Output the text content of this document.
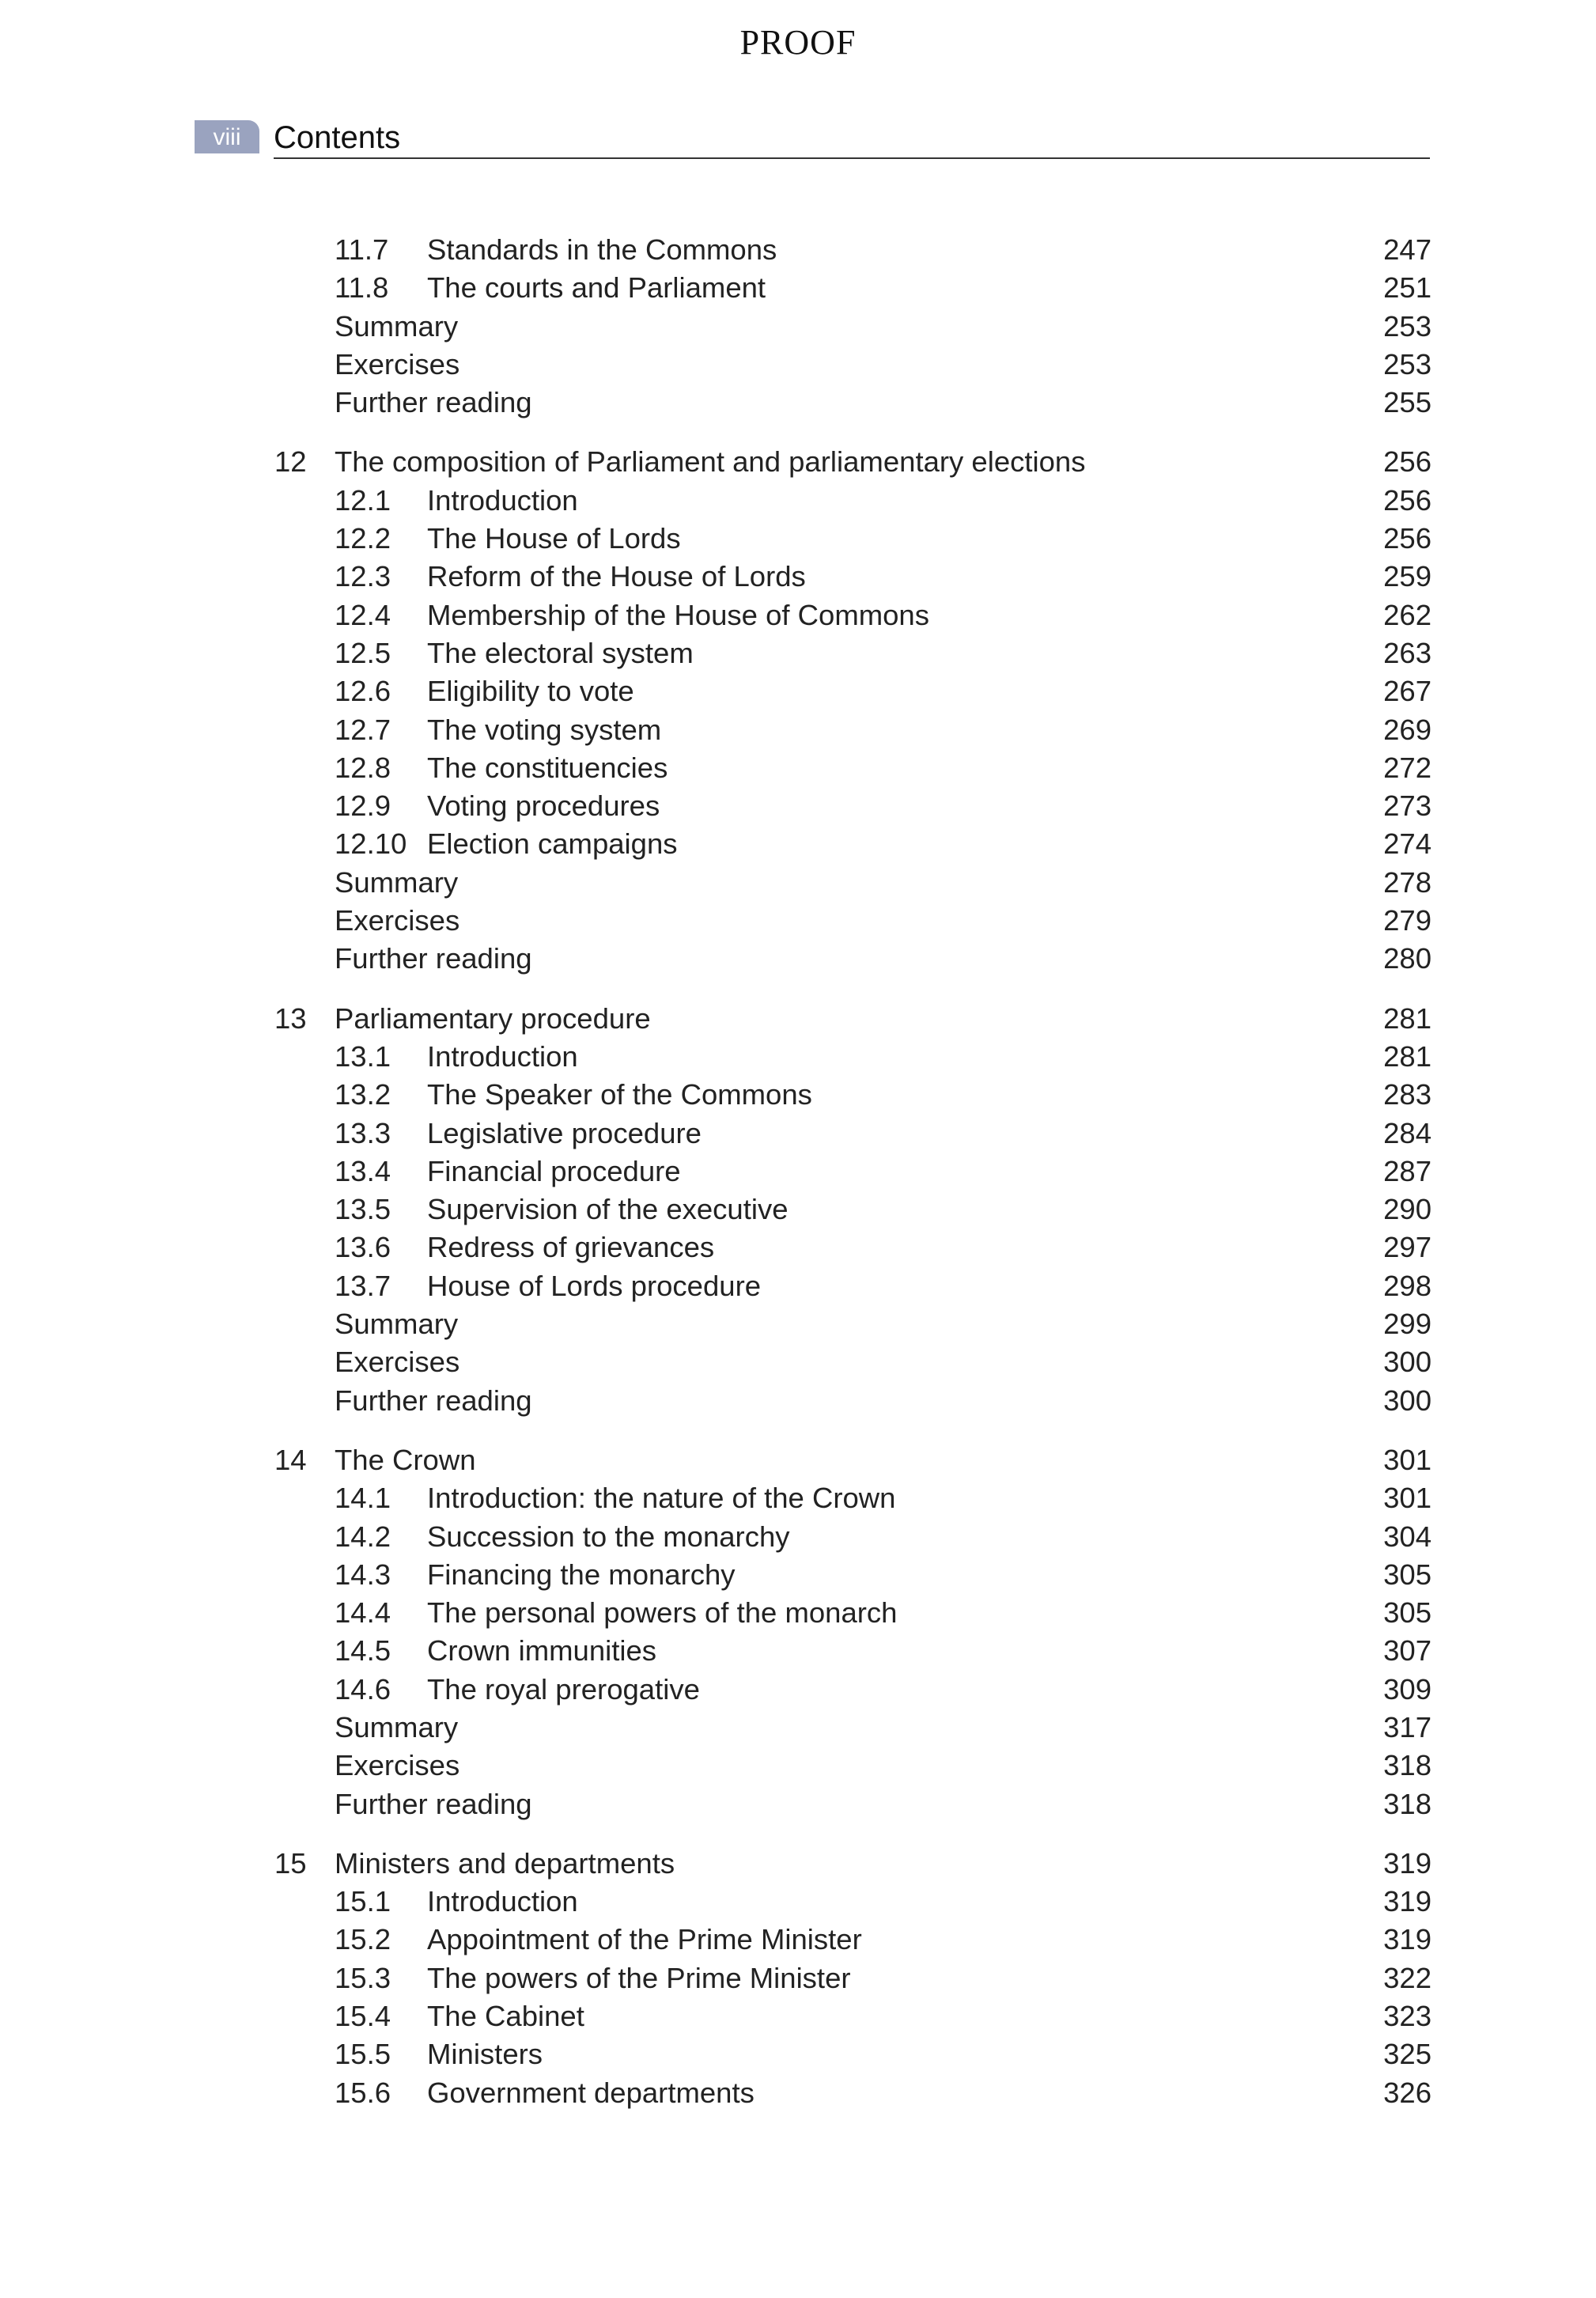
PROOF
viii	Contents
11.7 Standards in the Commons	247
11.8 The courts and Parliament	251
Summary	253
Exercises	253
Further reading	255
12 The composition of Parliament and parliamentary elections	256
12.1 Introduction	256
12.2 The House of Lords	256
12.3 Reform of the House of Lords	259
12.4 Membership of the House of Commons	262
12.5 The electoral system	263
12.6 Eligibility to vote	267
12.7 The voting system	269
12.8 The constituencies	272
12.9 Voting procedures	273
12.10 Election campaigns	274
Summary	278
Exercises	279
Further reading	280
13 Parliamentary procedure	281
13.1 Introduction	281
13.2 The Speaker of the Commons	283
13.3 Legislative procedure	284
13.4 Financial procedure	287
13.5 Supervision of the executive	290
13.6 Redress of grievances	297
13.7 House of Lords procedure	298
Summary	299
Exercises	300
Further reading	300
14 The Crown	301
14.1 Introduction: the nature of the Crown	301
14.2 Succession to the monarchy	304
14.3 Financing the monarchy	305
14.4 The personal powers of the monarch	305
14.5 Crown immunities	307
14.6 The royal prerogative	309
Summary	317
Exercises	318
Further reading	318
15 Ministers and departments	319
15.1 Introduction	319
15.2 Appointment of the Prime Minister	319
15.3 The powers of the Prime Minister	322
15.4 The Cabinet	323
15.5 Ministers	325
15.6 Government departments	326
